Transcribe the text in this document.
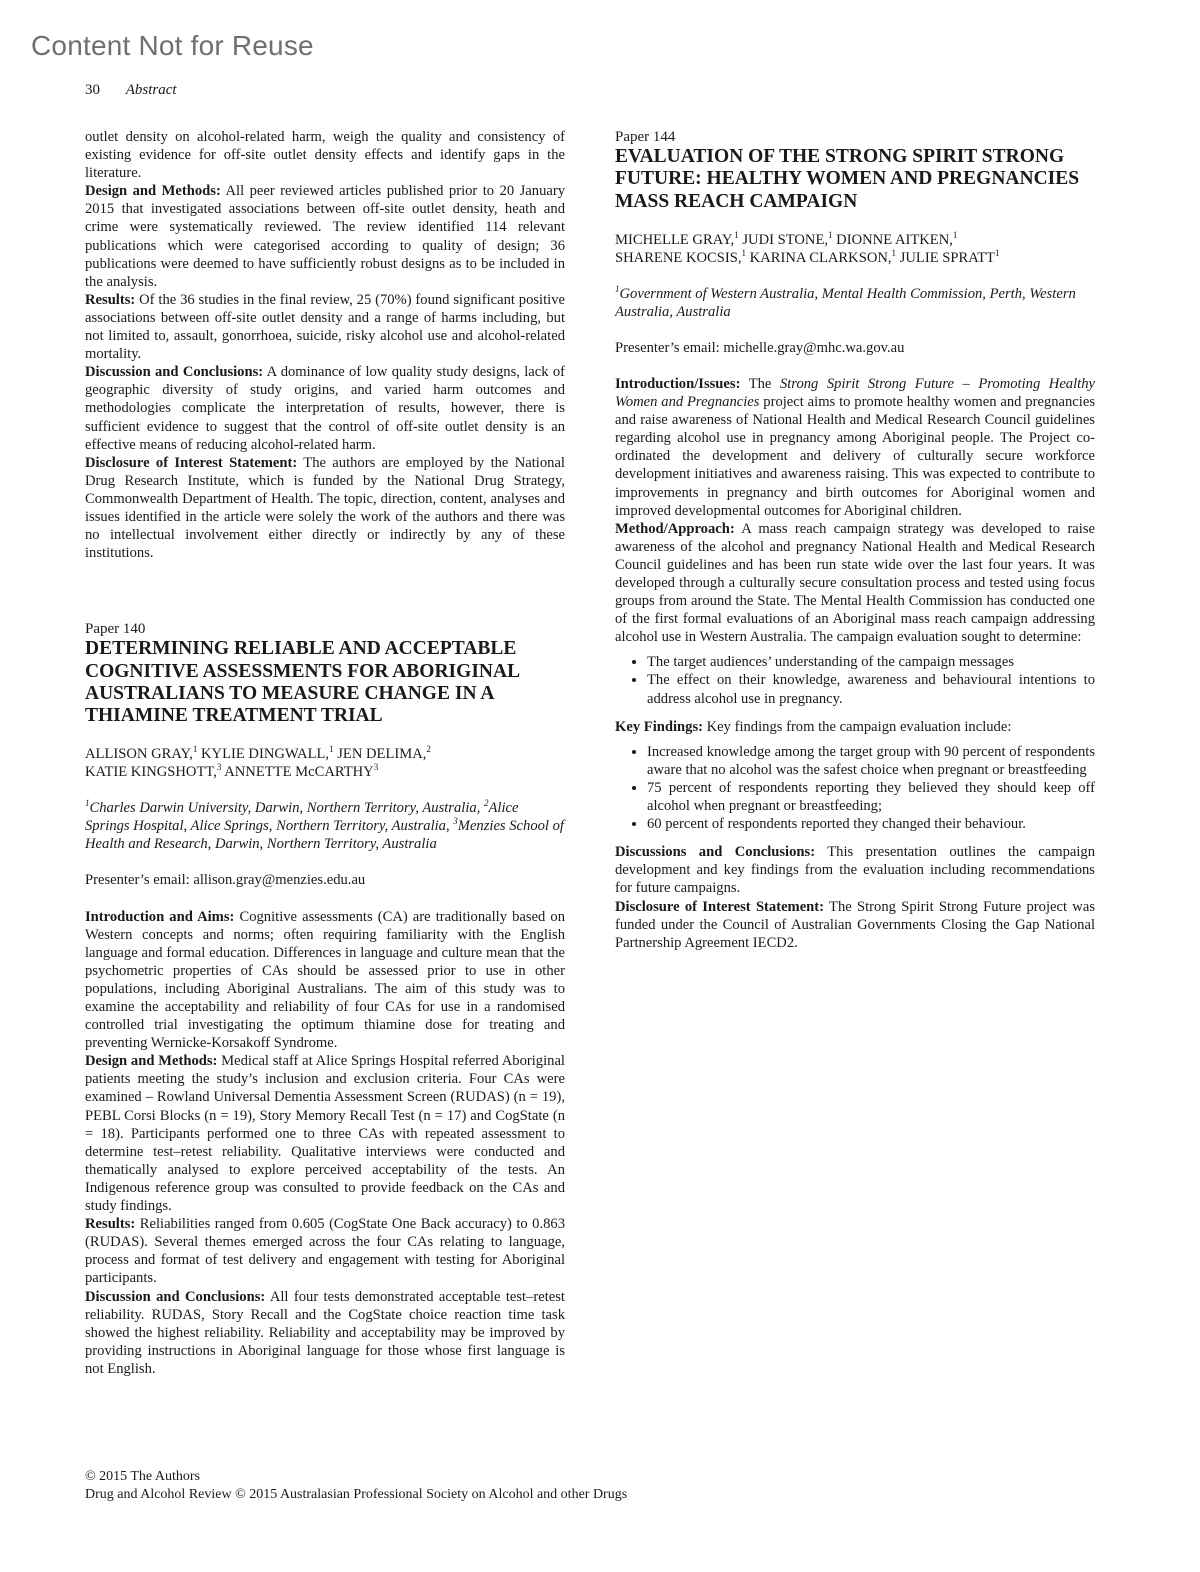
Content Not for Reuse
30 Abstract

outlet density on alcohol-related harm, weigh the quality and consistency of existing evidence for off-site outlet density effects and identify gaps in the literature.

Design and Methods: All peer reviewed articles published prior to 20 January 2015 that investigated associations between off-site outlet density, heath and crime were systematically reviewed. The review identified 114 relevant publications which were categorised according to quality of design; 36 publications were deemed to have sufficiently robust designs as to be included in the analysis.

Results: Of the 36 studies in the final review, 25 (70%) found significant positive associations between off-site outlet density and a range of harms including, but not limited to, assault, gonorrhoea, suicide, risky alcohol use and alcohol-related mortality.

Discussion and Conclusions: A dominance of low quality study designs, lack of geographic diversity of study origins, and varied harm outcomes and methodologies complicate the interpretation of results, however, there is sufficient evidence to suggest that the control of off-site outlet density is an effective means of reducing alcohol-related harm.

Disclosure of Interest Statement: The authors are employed by the National Drug Research Institute, which is funded by the National Drug Strategy, Commonwealth Department of Health. The topic, direction, content, analyses and issues identified in the article were solely the work of the authors and there was no intellectual involvement either directly or indirectly by any of these institutions.

Paper 140
DETERMINING RELIABLE AND ACCEPTABLE COGNITIVE ASSESSMENTS FOR ABORIGINAL AUSTRALIANS TO MEASURE CHANGE IN A THIAMINE TREATMENT TRIAL
ALLISON GRAY,$^1$ KYLIE DINGWALL,$^1$ JEN DELIMA,$^2$
KATIE KINGSHOTT,$^3$ ANNETTE McCARTHY$^3$
$^1$Charles Darwin University, Darwin, Northern Territory, Australia, $^2$Alice Springs Hospital, Alice Springs, Northern Territory, Australia, $^3$Menzies School of Health and Research, Darwin, Northern Territory, Australia

Presenter’s email: allison.gray@menzies.edu.au

Introduction and Aims: Cognitive assessments (CA) are traditionally based on Western concepts and norms; often requiring familiarity with the English language and formal education. Differences in language and culture mean that the psychometric properties of CAs should be assessed prior to use in other populations, including Aboriginal Australians. The aim of this study was to examine the acceptability and reliability of four CAs for use in a randomised controlled trial investigating the optimum thiamine dose for treating and preventing Wernicke-Korsakoff Syndrome.

Design and Methods: Medical staff at Alice Springs Hospital referred Aboriginal patients meeting the study’s inclusion and exclusion criteria. Four CAs were examined – Rowland Universal Dementia Assessment Screen (RUDAS) (n = 19), PEBL Corsi Blocks (n = 19), Story Memory Recall Test (n = 17) and CogState (n = 18). Participants performed one to three CAs with repeated assessment to determine test–retest reliability. Qualitative interviews were conducted and thematically analysed to explore perceived acceptability of the tests. An Indigenous reference group was consulted to provide feedback on the CAs and study findings.

Results: Reliabilities ranged from 0.605 (CogState One Back accuracy) to 0.863 (RUDAS). Several themes emerged across the four CAs relating to language, process and format of test delivery and engagement with testing for Aboriginal participants.

Discussion and Conclusions: All four tests demonstrated acceptable test–retest reliability. RUDAS, Story Recall and the CogState choice reaction time task showed the highest reliability. Reliability and acceptability may be improved by providing instructions in Aboriginal language for those whose first language is not English.

Paper 144
EVALUATION OF THE STRONG SPIRIT STRONG FUTURE: HEALTHY WOMEN AND PREGNANCIES MASS REACH CAMPAIGN
MICHELLE GRAY,$^1$ JUDI STONE,$^1$ DIONNE AITKEN,$^1$
SHARENE KOCSIS,$^1$ KARINA CLARKSON,$^1$ JULIE SPRATT$^1$
$^1$Government of Western Australia, Mental Health Commission, Perth, Western Australia, Australia

Presenter’s email: michelle.gray@mhc.wa.gov.au

Introduction/Issues: The Strong Spirit Strong Future – Promoting Healthy Women and Pregnancies project aims to promote healthy women and pregnancies and raise awareness of National Health and Medical Research Council guidelines regarding alcohol use in pregnancy among Aboriginal people. The Project co-ordinated the development and delivery of culturally secure workforce development initiatives and awareness raising. This was expected to contribute to improvements in pregnancy and birth outcomes for Aboriginal women and improved developmental outcomes for Aboriginal children.

Method/Approach: A mass reach campaign strategy was developed to raise awareness of the alcohol and pregnancy National Health and Medical Research Council guidelines and has been run state wide over the last four years. It was developed through a culturally secure consultation process and tested using focus groups from around the State. The Mental Health Commission has conducted one of the first formal evaluations of an Aboriginal mass reach campaign addressing alcohol use in Western Australia. The campaign evaluation sought to determine:

• The target audiences’ understanding of the campaign messages
• The effect on their knowledge, awareness and behavioural intentions to address alcohol use in pregnancy.

Key Findings: Key findings from the campaign evaluation include:

• Increased knowledge among the target group with 90 percent of respondents aware that no alcohol was the safest choice when pregnant or breastfeeding
• 75 percent of respondents reporting they believed they should keep off alcohol when pregnant or breastfeeding;
• 60 percent of respondents reported they changed their behaviour.

Discussions and Conclusions: This presentation outlines the campaign development and key findings from the evaluation including recommendations for future campaigns.

Disclosure of Interest Statement: The Strong Spirit Strong Future project was funded under the Council of Australian Governments Closing the Gap National Partnership Agreement IECD2.

© 2015 The Authors
Drug and Alcohol Review © 2015 Australasian Professional Society on Alcohol and other Drugs
